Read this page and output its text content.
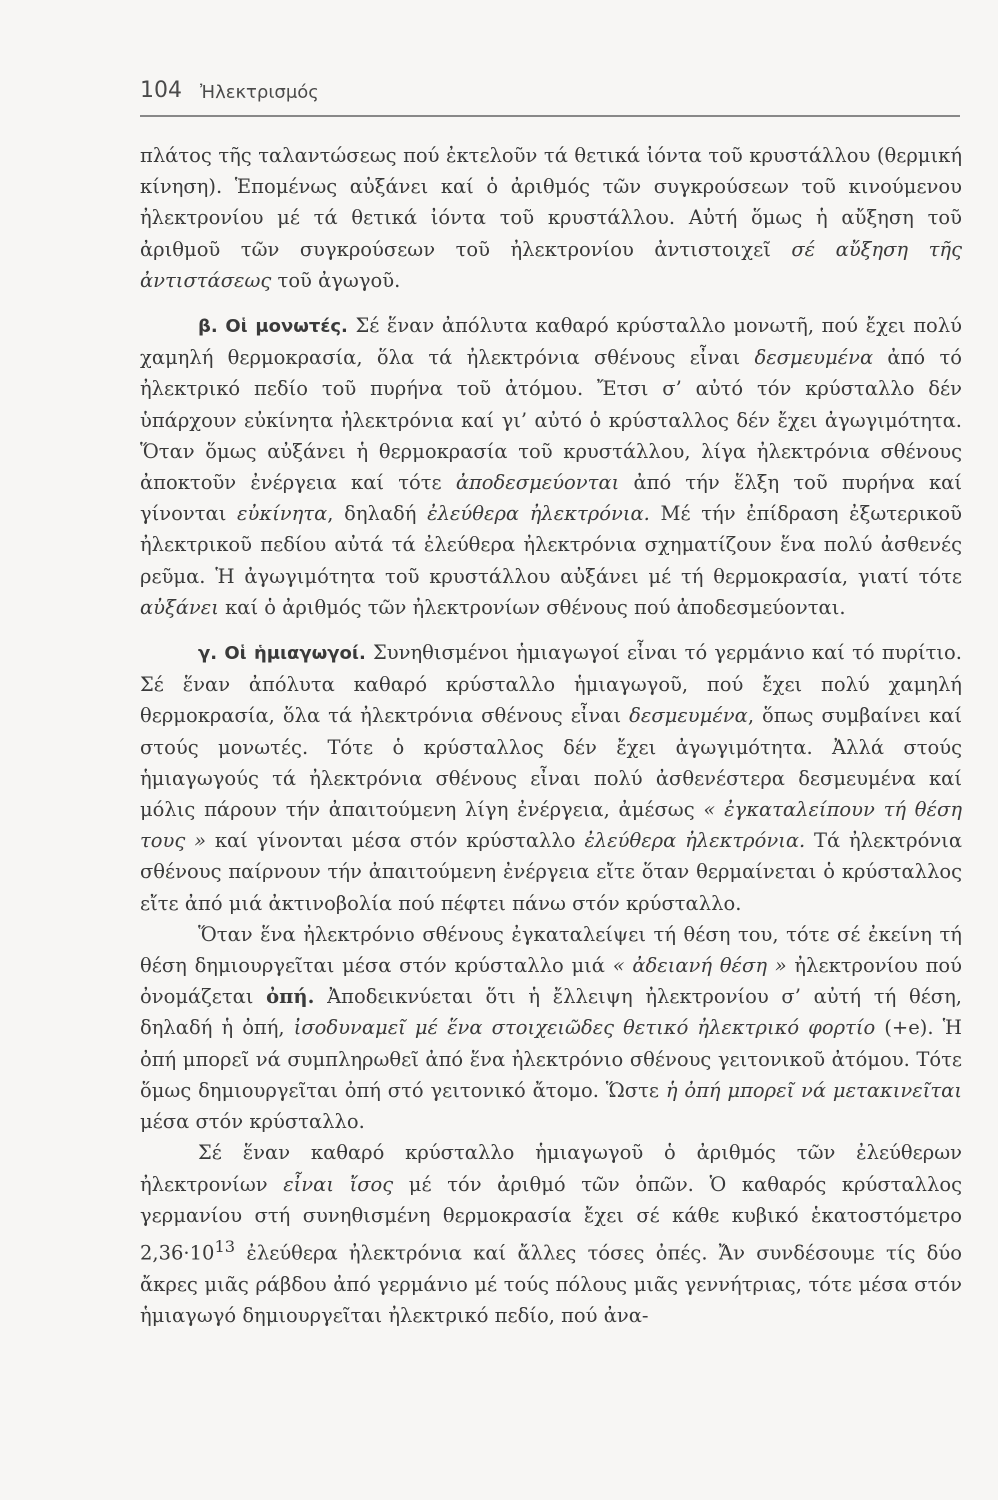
104 Ἠλεκτρισμός

πλάτος τῆς ταλαντώσεως πού ἐκτελοῦν τά θετικά ἰόντα τοῦ κρυστάλλου (θερμική κίνηση). Ἑπομένως αὐξάνει καί ὁ ἀριθμός τῶν συγκρούσεων τοῦ κινούμενου ἠλεκτρονίου μέ τά θετικά ἰόντα τοῦ κρυστάλλου. Αὐτή ὅμως ἡ αὔξηση τοῦ ἀριθμοῦ τῶν συγκρούσεων τοῦ ἠλεκτρονίου ἀντιστοιχεῖ σέ αὔξηση τῆς ἀντιστάσεως τοῦ ἀγωγοῦ.

β. Οἱ μονωτές. Σέ ἕναν ἀπόλυτα καθαρό κρύσταλλο μονωτῆ, πού ἔχει πολύ χαμηλή θερμοκρασία, ὅλα τά ἠλεκτρόνια σθένους εἶναι δεσμευμένα ἀπό τό ἠλεκτρικό πεδίο τοῦ πυρήνα τοῦ ἀτόμου. Ἔτσι σ’ αὐτό τόν κρύσταλλο δέν ὑπάρχουν εὐκίνητα ἠλεκτρόνια καί γι’ αὐτό ὁ κρύσταλλος δέν ἔχει ἀγωγιμότητα. Ὅταν ὅμως αὐξάνει ἡ θερμοκρασία τοῦ κρυστάλλου, λίγα ἠλεκτρόνια σθένους ἀποκτοῦν ἐνέργεια καί τότε ἀποδεσμεύονται ἀπό τήν ἕλξη τοῦ πυρήνα καί γίνονται εὐκίνητα, δηλαδή ἐλεύθερα ἠλεκτρόνια. Μέ τήν ἐπίδραση ἐξωτερικοῦ ἠλεκτρικοῦ πεδίου αὐτά τά ἐλεύθερα ἠλεκτρόνια σχηματίζουν ἕνα πολύ ἀσθενές ρεῦμα. Ἡ ἀγωγιμότητα τοῦ κρυστάλλου αὐξάνει μέ τή θερμοκρασία, γιατί τότε αὐξάνει καί ὁ ἀριθμός τῶν ἠλεκτρονίων σθένους πού ἀποδεσμεύονται.

γ. Οἱ ἡμιαγωγοί. Συνηθισμένοι ἡμιαγωγοί εἶναι τό γερμάνιο καί τό πυρίτιο. Σέ ἕναν ἀπόλυτα καθαρό κρύσταλλο ἡμιαγωγοῦ, πού ἔχει πολύ χαμηλή θερμοκρασία, ὅλα τά ἠλεκτρόνια σθένους εἶναι δεσμευμένα, ὅπως συμβαίνει καί στούς μονωτές. Τότε ὁ κρύσταλλος δέν ἔχει ἀγωγιμότητα. Ἀλλά στούς ἡμιαγωγούς τά ἠλεκτρόνια σθένους εἶναι πολύ ἀσθενέστερα δεσμευμένα καί μόλις πάρουν τήν ἀπαιτούμενη λίγη ἐνέργεια, ἀμέσως « ἐγκαταλείπουν τή θέση τους » καί γίνονται μέσα στόν κρύσταλλο ἐλεύθερα ἠλεκτρόνια. Τά ἠλεκτρόνια σθένους παίρνουν τήν ἀπαιτούμενη ἐνέργεια εἴτε ὅταν θερμαίνεται ὁ κρύσταλλος εἴτε ἀπό μιά ἀκτινοβολία πού πέφτει πάνω στόν κρύσταλλο.

Ὅταν ἕνα ἠλεκτρόνιο σθένους ἐγκαταλείψει τή θέση του, τότε σέ ἐκείνη τή θέση δημιουργεῖται μέσα στόν κρύσταλλο μιά « ἀδειανή θέση » ἠλεκτρονίου πού ὀνομάζεται ὀπή. Ἀποδεικνύεται ὅτι ἡ ἔλλειψη ἠλεκτρονίου σ’ αὐτή τή θέση, δηλαδή ἡ ὀπή, ἰσοδυναμεῖ μέ ἕνα στοιχειῶδες θετικό ἠλεκτρικό φορτίο (+e). Ἡ ὀπή μπορεῖ νά συμπληρωθεῖ ἀπό ἕνα ἠλεκτρόνιο σθένους γειτονικοῦ ἀτόμου. Τότε ὅμως δημιουργεῖται ὀπή στό γειτονικό ἄτομο. Ὥστε ἡ ὀπή μπορεῖ νά μετακινεῖται μέσα στόν κρύσταλλο.

Σέ ἕναν καθαρό κρύσταλλο ἡμιαγωγοῦ ὁ ἀριθμός τῶν ἐλεύθερων ἠλεκτρονίων εἶναι ἴσος μέ τόν ἀριθμό τῶν ὀπῶν. Ὁ καθαρός κρύσταλλος γερμανίου στή συνηθισμένη θερμοκρασία ἔχει σέ κάθε κυβικό ἑκατοστόμετρο $2,36\cdot 10^{13}$ ἐλεύθερα ἠλεκτρόνια καί ἄλλες τόσες ὀπές. Ἄν συνδέσουμε τίς δύο ἄκρες μιᾶς ράβδου ἀπό γερμάνιο μέ τούς πόλους μιᾶς γεννήτριας, τότε μέσα στόν ἡμιαγωγό δημιουργεῖται ἠλεκτρικό πεδίο, πού ἀνα-
